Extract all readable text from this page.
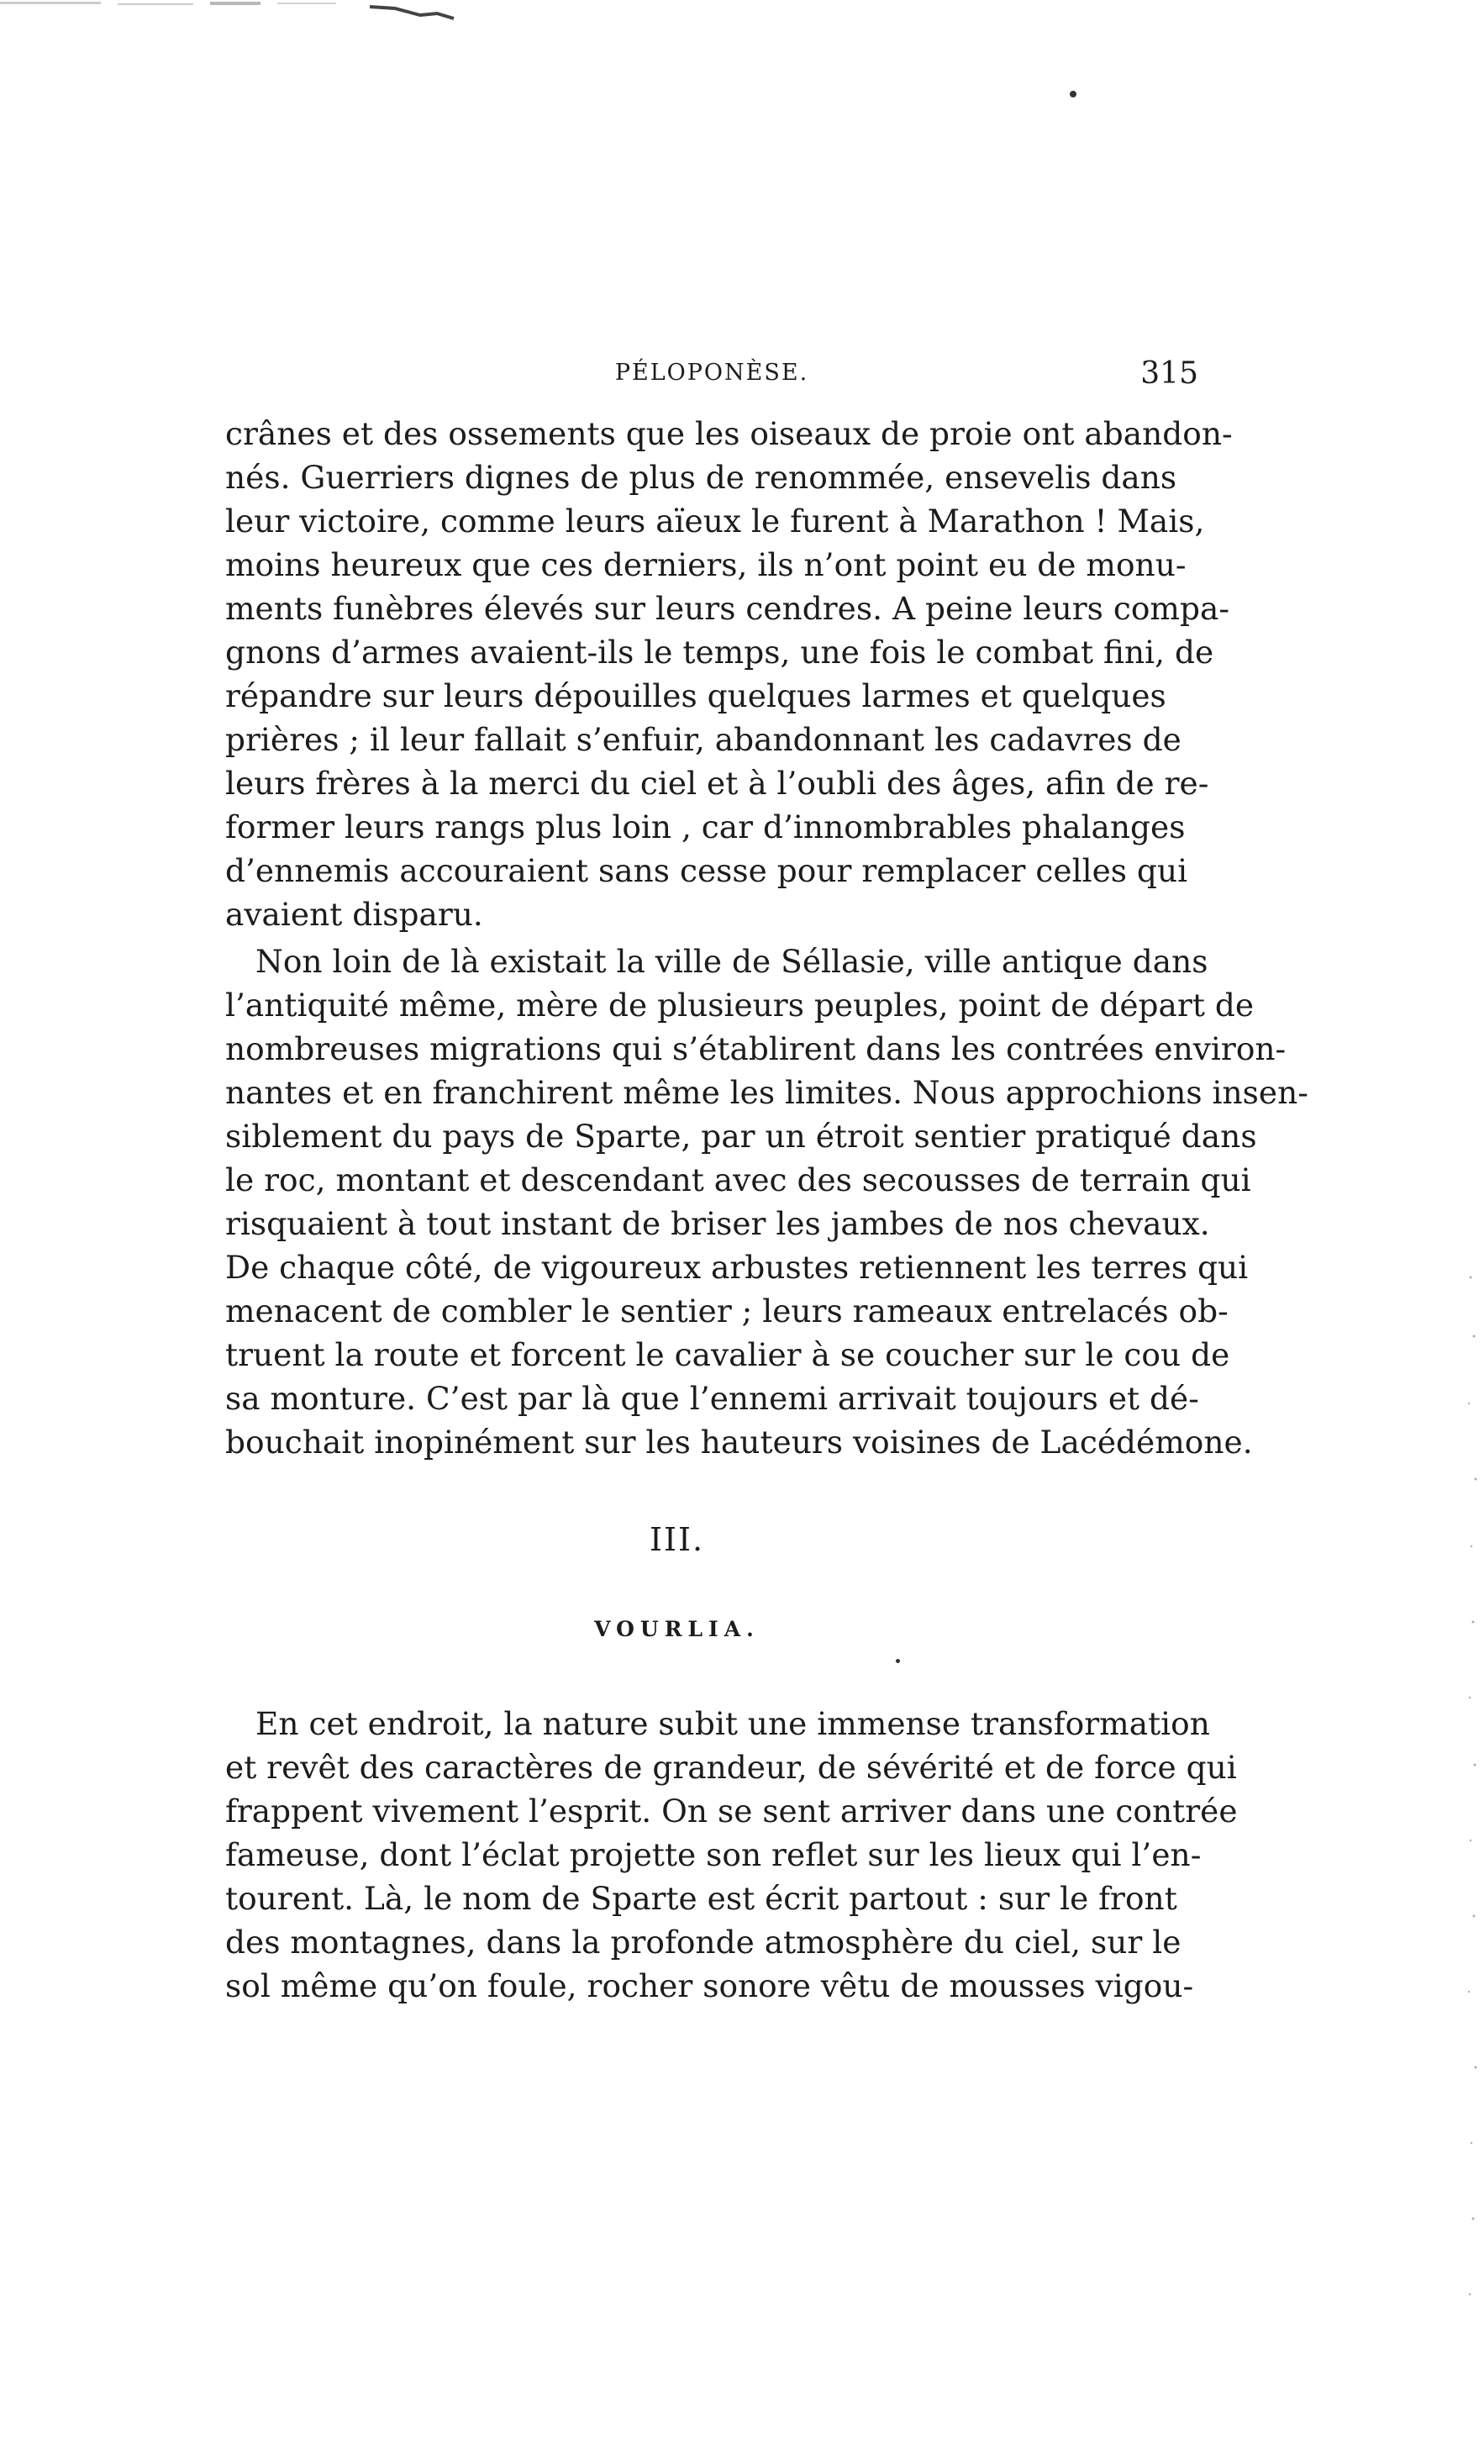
PÉLOPONÈSE.	315
crânes et des ossements que les oiseaux de proie ont abandon-
nés. Guerriers dignes de plus de renommée, ensevelis dans
leur victoire, comme leurs aïeux le furent à Marathon ! Mais,
moins heureux que ces derniers, ils n’ont point eu de monu-
ments funèbres élevés sur leurs cendres. A peine leurs compa-
gnons d’armes avaient-ils le temps, une fois le combat fini, de
répandre sur leurs dépouilles quelques larmes et quelques
prières ; il leur fallait s’enfuir, abandonnant les cadavres de
leurs frères à la merci du ciel et à l’oubli des âges, afin de re-
former leurs rangs plus loin , car d’innombrables phalanges
d’ennemis accouraient sans cesse pour remplacer celles qui
avaient disparu.
Non loin de là existait la ville de Séllasie, ville antique dans
l’antiquité même, mère de plusieurs peuples, point de départ de
nombreuses migrations qui s’établirent dans les contrées environ-
nantes et en franchirent même les limites. Nous approchions insen-
siblement du pays de Sparte, par un étroit sentier pratiqué dans
le roc, montant et descendant avec des secousses de terrain qui
risquaient à tout instant de briser les jambes de nos chevaux.
De chaque côté, de vigoureux arbustes retiennent les terres qui
menacent de combler le sentier ; leurs rameaux entrelacés ob-
truent la route et forcent le cavalier à se coucher sur le cou de
sa monture. C’est par là que l’ennemi arrivait toujours et dé-
bouchait inopinément sur les hauteurs voisines de Lacédémone.
III.
VOURLIA.
En cet endroit, la nature subit une immense transformation
et revêt des caractères de grandeur, de sévérité et de force qui
frappent vivement l’esprit. On se sent arriver dans une contrée
fameuse, dont l’éclat projette son reflet sur les lieux qui l’en-
tourent. Là, le nom de Sparte est écrit partout : sur le front
des montagnes, dans la profonde atmosphère du ciel, sur le
sol même qu’on foule, rocher sonore vêtu de mousses vigou-
